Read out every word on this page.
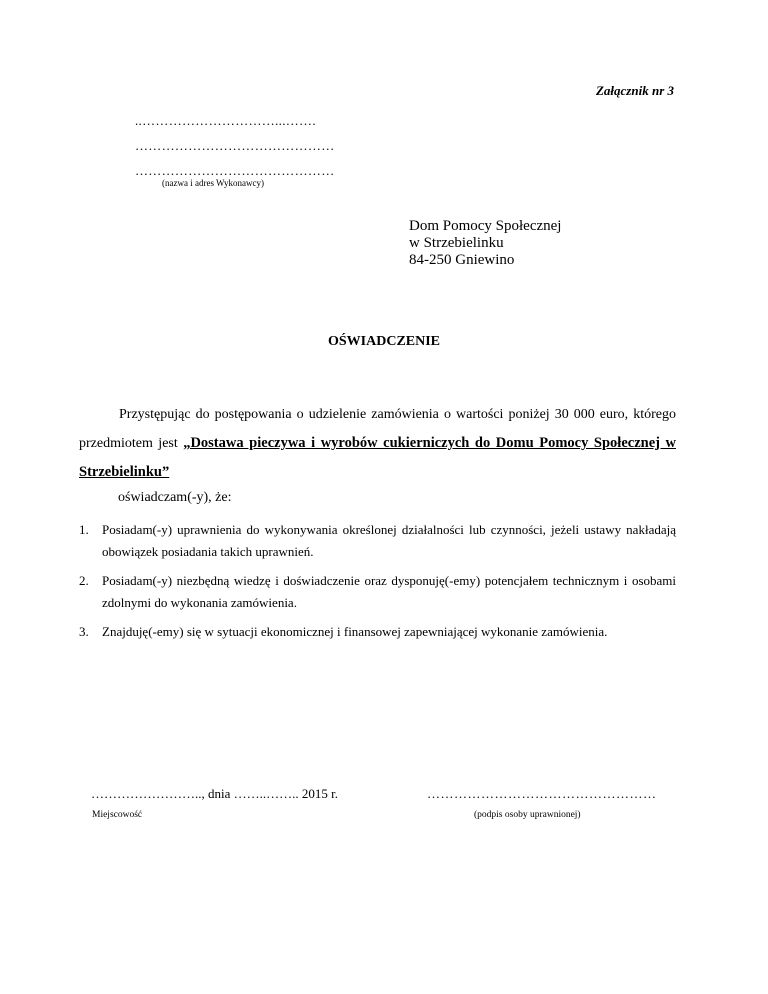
Załącznik nr 3
..…………………………...…….
………………………………………
………………………………………
(nazwa i adres Wykonawcy)
Dom Pomocy Społecznej
w Strzebielinku
84-250 Gniewino
OŚWIADCZENIE
Przystępując do postępowania o udzielenie zamówienia o wartości poniżej 30 000 euro, którego przedmiotem jest „Dostawa pieczywa i wyrobów cukierniczych do Domu Pomocy Społecznej w Strzebielinku”
oświadczam(-y), że:
1.	Posiadam(-y) uprawnienia do wykonywania określonej działalności lub czynności, jeżeli ustawy nakładają obowiązek posiadania takich uprawnień.
2.	Posiadam(-y) niezbędną wiedzę i doświadczenie oraz dysponuję(-emy) potencjałem technicznym i osobami zdolnymi do wykonania zamówienia.
3.	Znajduję(-emy) się w sytuacji ekonomicznej i finansowej zapewniającej wykonanie zamówienia.
…………………….., dnia ……..…….. 2015 r.
Miejscowość
……………………………………………
(podpis osoby uprawnionej)
